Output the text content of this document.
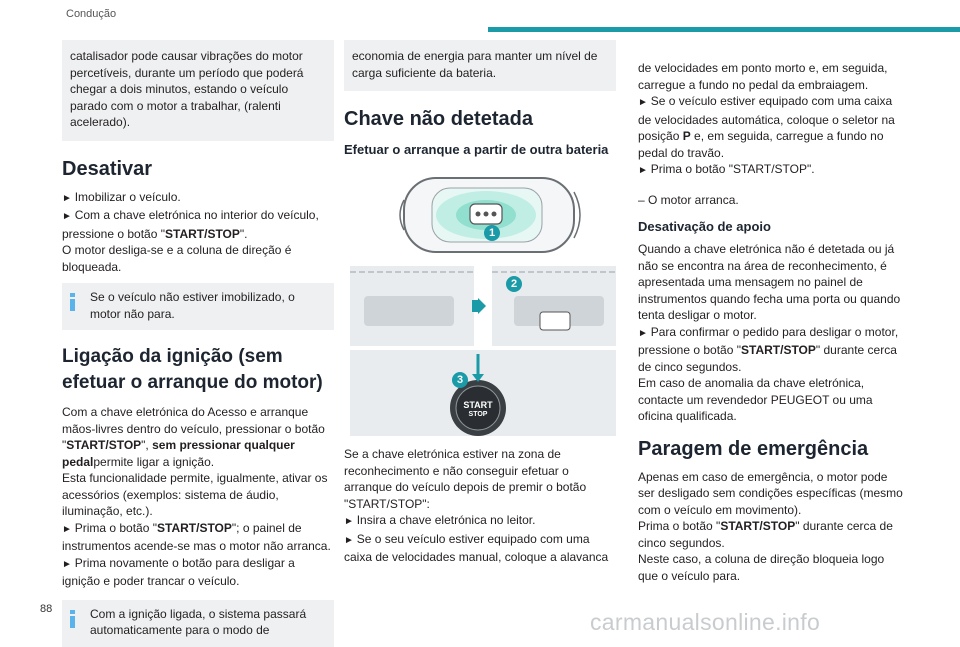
Condução

catalisador pode causar vibrações do motor percetíveis, durante um período que poderá chegar a dois minutos, estando o veículo parado com o motor a trabalhar, (ralenti acelerado).

Desativar

► Imobilizar o veículo.

► Com a chave eletrónica no interior do veículo, pressione o botão "START/STOP".

O motor desliga-se e a coluna de direção é bloqueada.

Se o veículo não estiver imobilizado, o motor não para.

Ligação da ignição (sem efetuar o arranque do motor)

Com a chave eletrónica do Acesso e arranque mãos-livres dentro do veículo, pressionar o botão "START/STOP", sem pressionar qualquer pedalpermite ligar a ignição.

Esta funcionalidade permite, igualmente, ativar os acessórios (exemplos: sistema de áudio, iluminação, etc.).

► Prima o botão "START/STOP"; o painel de instrumentos acende-se mas o motor não arranca.

► Prima novamente o botão para desligar a ignição e poder trancar o veículo.

Com a ignição ligada, o sistema passará automaticamente para o modo de

economia de energia para manter um nível de carga suficiente da bateria.

Chave não detetada
Efetuar o arranque a partir de outra bateria
1
2
START
STOP
3

Se a chave eletrónica estiver na zona de reconhecimento e não conseguir efetuar o arranque do veículo depois de premir o botão "START/STOP":

► Insira a chave eletrónica no leitor.

► Se o seu veículo estiver equipado com uma caixa de velocidades manual, coloque a alavanca

de velocidades em ponto morto e, em seguida, carregue a fundo no pedal da embraiagem.

► Se o veículo estiver equipado com uma caixa de velocidades automática, coloque o seletor na posição P e, em seguida, carregue a fundo no pedal do travão.

► Prima o botão "START/STOP".

– O motor arranca.

Desativação de apoio

Quando a chave eletrónica não é detetada ou já não se encontra na área de reconhecimento, é apresentada uma mensagem no painel de instrumentos quando fecha uma porta ou quando tenta desligar o motor.

► Para confirmar o pedido para desligar o motor, pressione o botão "START/STOP" durante cerca de cinco segundos.

Em caso de anomalia da chave eletrónica, contacte um revendedor PEUGEOT ou uma oficina qualificada.

Paragem de emergência

Apenas em caso de emergência, o motor pode ser desligado sem condições específicas (mesmo com o veículo em movimento).

Prima o botão "START/STOP" durante cerca de cinco segundos.

Neste caso, a coluna de direção bloqueia logo que o veículo para.

88	carmanualsonline.info
